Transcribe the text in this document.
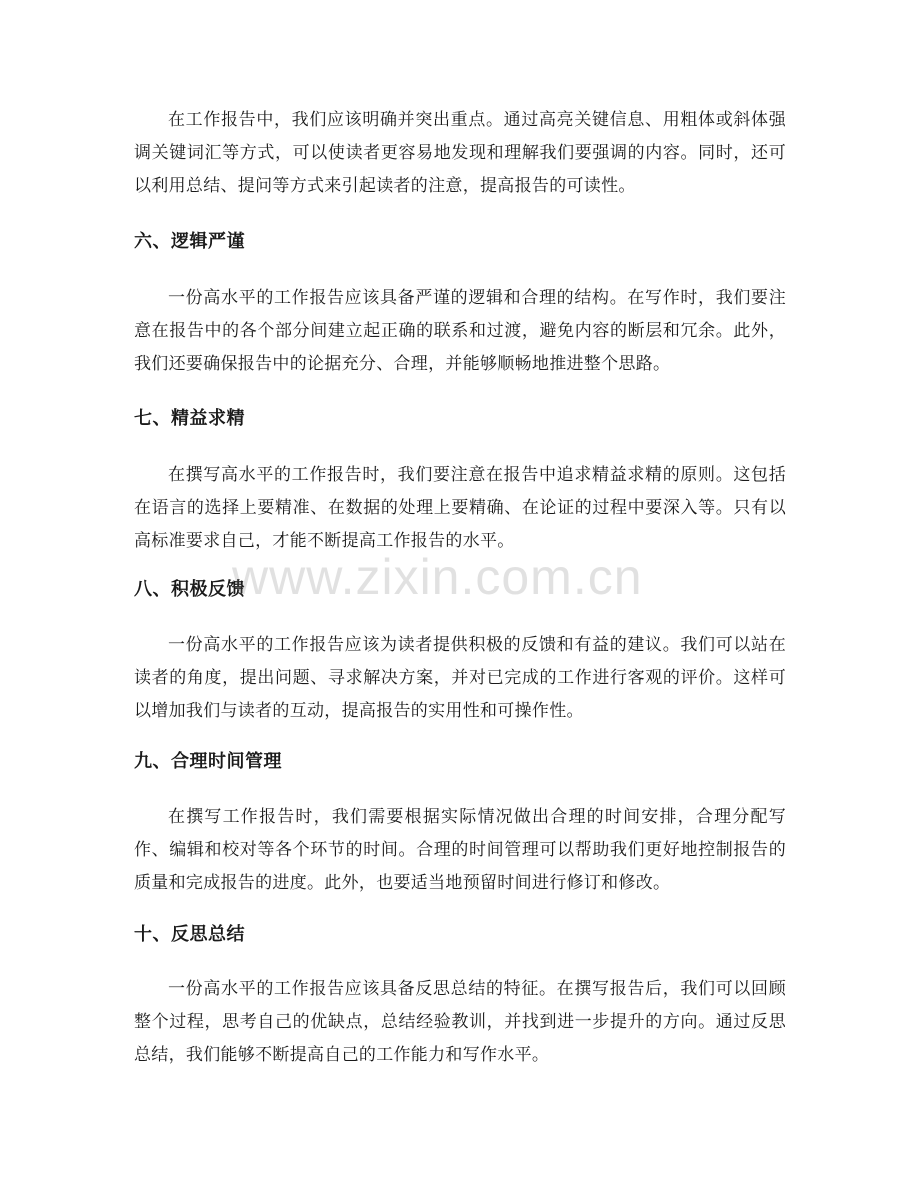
在工作报告中，我们应该明确并突出重点。通过高亮关键信息、用粗体或斜体强调关键词汇等方式，可以使读者更容易地发现和理解我们要强调的内容。同时，还可以利用总结、提问等方式来引起读者的注意，提高报告的可读性。

六、逻辑严谨

一份高水平的工作报告应该具备严谨的逻辑和合理的结构。在写作时，我们要注意在报告中的各个部分间建立起正确的联系和过渡，避免内容的断层和冗余。此外，我们还要确保报告中的论据充分、合理，并能够顺畅地推进整个思路。

七、精益求精

在撰写高水平的工作报告时，我们要注意在报告中追求精益求精的原则。这包括在语言的选择上要精准、在数据的处理上要精确、在论证的过程中要深入等。只有以高标准要求自己，才能不断提高工作报告的水平。

八、积极反馈

一份高水平的工作报告应该为读者提供积极的反馈和有益的建议。我们可以站在读者的角度，提出问题、寻求解决方案，并对已完成的工作进行客观的评价。这样可以增加我们与读者的互动，提高报告的实用性和可操作性。

九、合理时间管理

在撰写工作报告时，我们需要根据实际情况做出合理的时间安排，合理分配写作、编辑和校对等各个环节的时间。合理的时间管理可以帮助我们更好地控制报告的质量和完成报告的进度。此外，也要适当地预留时间进行修订和修改。

十、反思总结

一份高水平的工作报告应该具备反思总结的特征。在撰写报告后，我们可以回顾整个过程，思考自己的优缺点，总结经验教训，并找到进一步提升的方向。通过反思总结，我们能够不断提高自己的工作能力和写作水平。

www.zixin.com.cn
